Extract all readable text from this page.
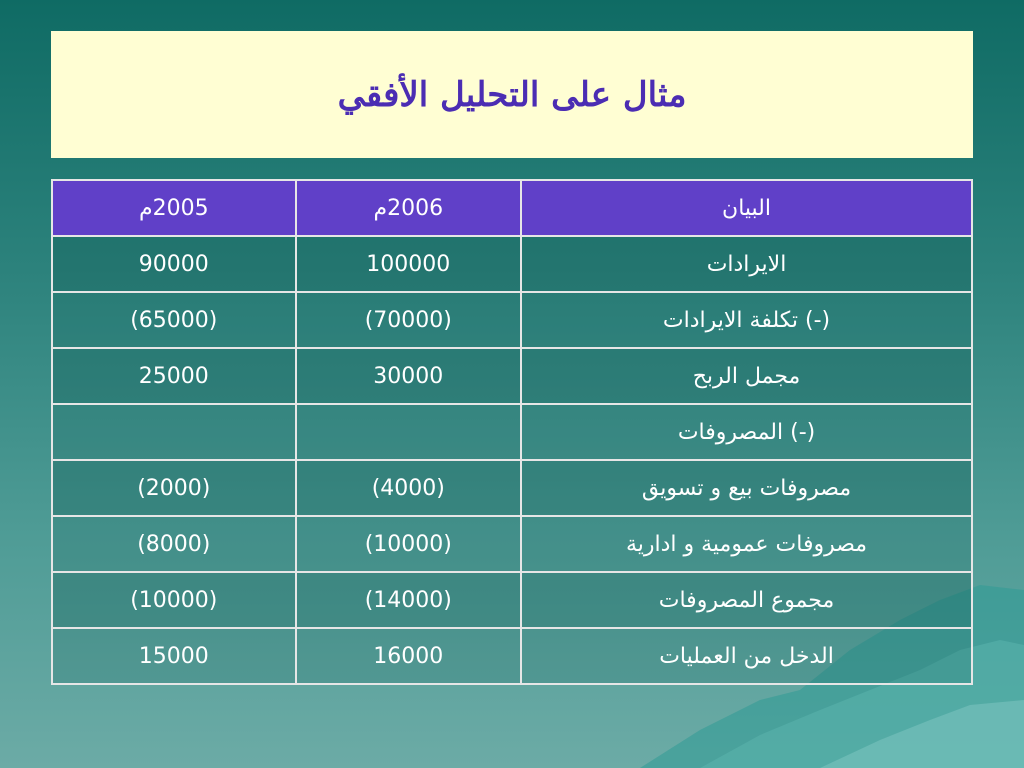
مثال على التحليل الأفقي
البيان	2006م	2005م
الايرادات	100000	90000
(-) تكلفة الايرادات	(70000)	(65000)
مجمل الربح	30000	25000
(-) المصروفات		
مصروفات بيع و تسويق	(4000)	(2000)
مصروفات عمومية و ادارية	(10000)	(8000)
مجموع المصروفات	(14000)	(10000)
الدخل من العمليات	16000	15000
